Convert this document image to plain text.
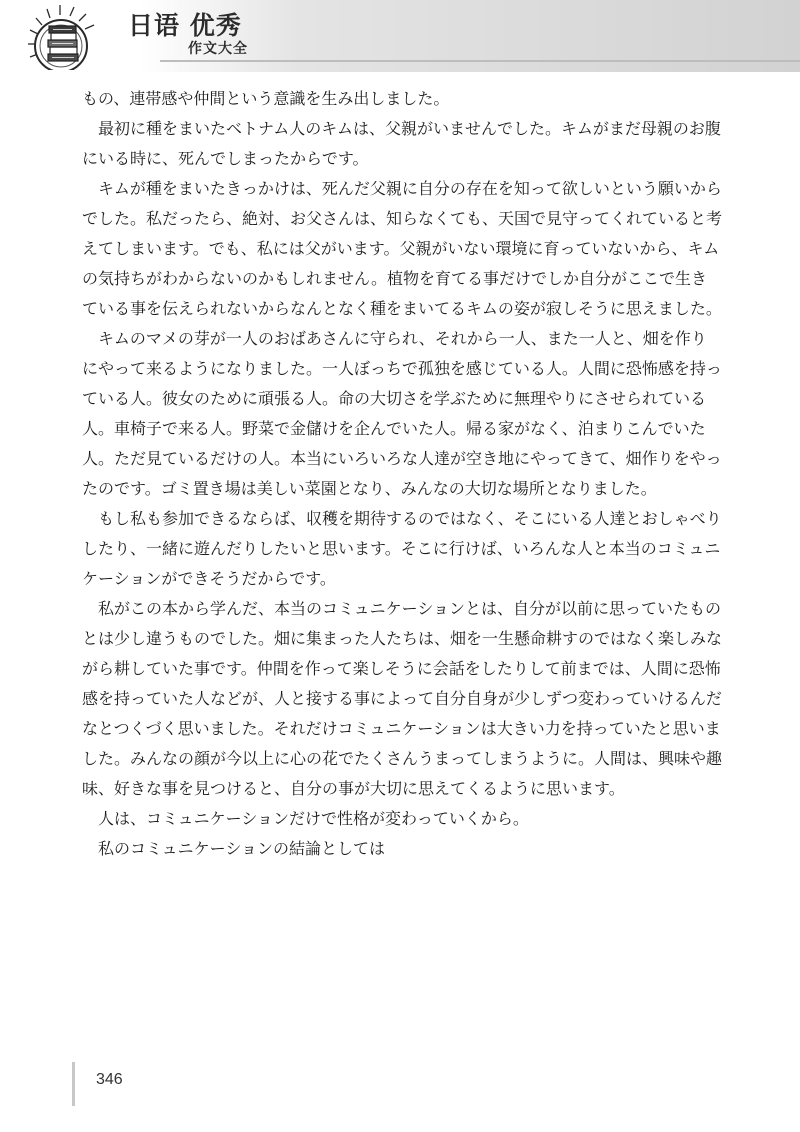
日语 优秀
作文大全

もの、連帯感や仲間という意識を生み出しました。

最初に種をまいたベトナム人のキムは、父親がいませんでした。キムがまだ母親のお腹にいる時に、死んでしまったからです。

キムが種をまいたきっかけは、死んだ父親に自分の存在を知って欲しいという願いからでした。私だったら、絶対、お父さんは、知らなくても、天国で見守ってくれていると考えてしまいます。でも、私には父がいます。父親がいない環境に育っていないから、キムの気持ちがわからないのかもしれません。植物を育てる事だけでしか自分がここで生きている事を伝えられないからなんとなく種をまいてるキムの姿が寂しそうに思えました。

キムのマメの芽が一人のおばあさんに守られ、それから一人、また一人と、畑を作りにやって来るようになりました。一人ぼっちで孤独を感じている人。人間に恐怖感を持っている人。彼女のために頑張る人。命の大切さを学ぶために無理やりにさせられている人。車椅子で来る人。野菜で金儲けを企んでいた人。帰る家がなく、泊まりこんでいた人。ただ見ているだけの人。本当にいろいろな人達が空き地にやってきて、畑作りをやったのです。ゴミ置き場は美しい菜園となり、みんなの大切な場所となりました。

もし私も参加できるならば、収穫を期待するのではなく、そこにいる人達とおしゃべりしたり、一緒に遊んだりしたいと思います。そこに行けば、いろんな人と本当のコミュニケーションができそうだからです。

私がこの本から学んだ、本当のコミュニケーションとは、自分が以前に思っていたものとは少し違うものでした。畑に集まった人たちは、畑を一生懸命耕すのではなく楽しみながら耕していた事です。仲間を作って楽しそうに会話をしたりして前までは、人間に恐怖感を持っていた人などが、人と接する事によって自分自身が少しずつ変わっていけるんだなとつくづく思いました。それだけコミュニケーションは大きい力を持っていたと思いました。みんなの顔が今以上に心の花でたくさんうまってしまうように。人間は、興味や趣味、好きな事を見つけると、自分の事が大切に思えてくるように思います。

人は、コミュニケーションだけで性格が変わっていくから。

私のコミュニケーションの結論としては

346
